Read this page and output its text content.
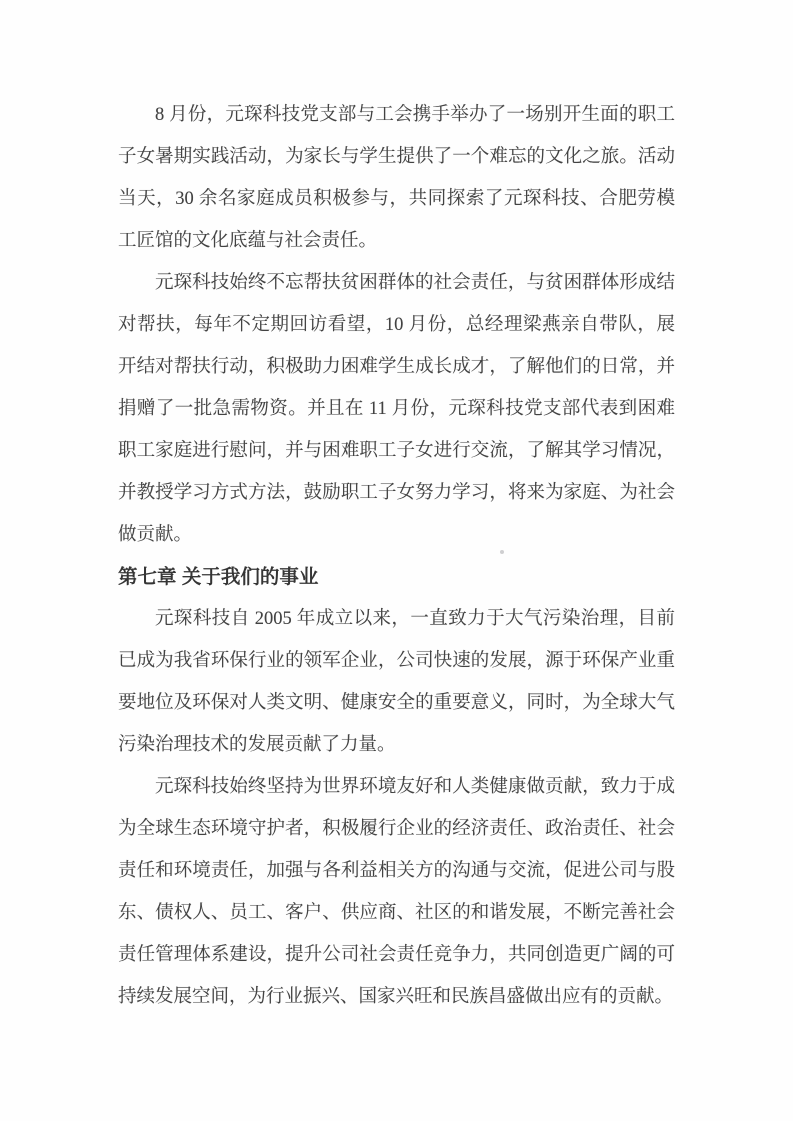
8 月份，元琛科技党支部与工会携手举办了一场别开生面的职工
子女暑期实践活动，为家长与学生提供了一个难忘的文化之旅。活动
当天，30 余名家庭成员积极参与，共同探索了元琛科技、合肥劳模
工匠馆的文化底蕴与社会责任。
元琛科技始终不忘帮扶贫困群体的社会责任，与贫困群体形成结
对帮扶，每年不定期回访看望，10 月份，总经理梁燕亲自带队，展
开结对帮扶行动，积极助力困难学生成长成才，了解他们的日常，并
捐赠了一批急需物资。并且在 11 月份，元琛科技党支部代表到困难
职工家庭进行慰问，并与困难职工子女进行交流，了解其学习情况，
并教授学习方式方法，鼓励职工子女努力学习，将来为家庭、为社会
做贡献。
第七章 关于我们的事业
元琛科技自 2005 年成立以来，一直致力于大气污染治理，目前
已成为我省环保行业的领军企业，公司快速的发展，源于环保产业重
要地位及环保对人类文明、健康安全的重要意义，同时，为全球大气
污染治理技术的发展贡献了力量。
元琛科技始终坚持为世界环境友好和人类健康做贡献，致力于成
为全球生态环境守护者，积极履行企业的经济责任、政治责任、社会
责任和环境责任，加强与各利益相关方的沟通与交流，促进公司与股
东、债权人、员工、客户、供应商、社区的和谐发展，不断完善社会
责任管理体系建设，提升公司社会责任竞争力，共同创造更广阔的可
持续发展空间，为行业振兴、国家兴旺和民族昌盛做出应有的贡献。
